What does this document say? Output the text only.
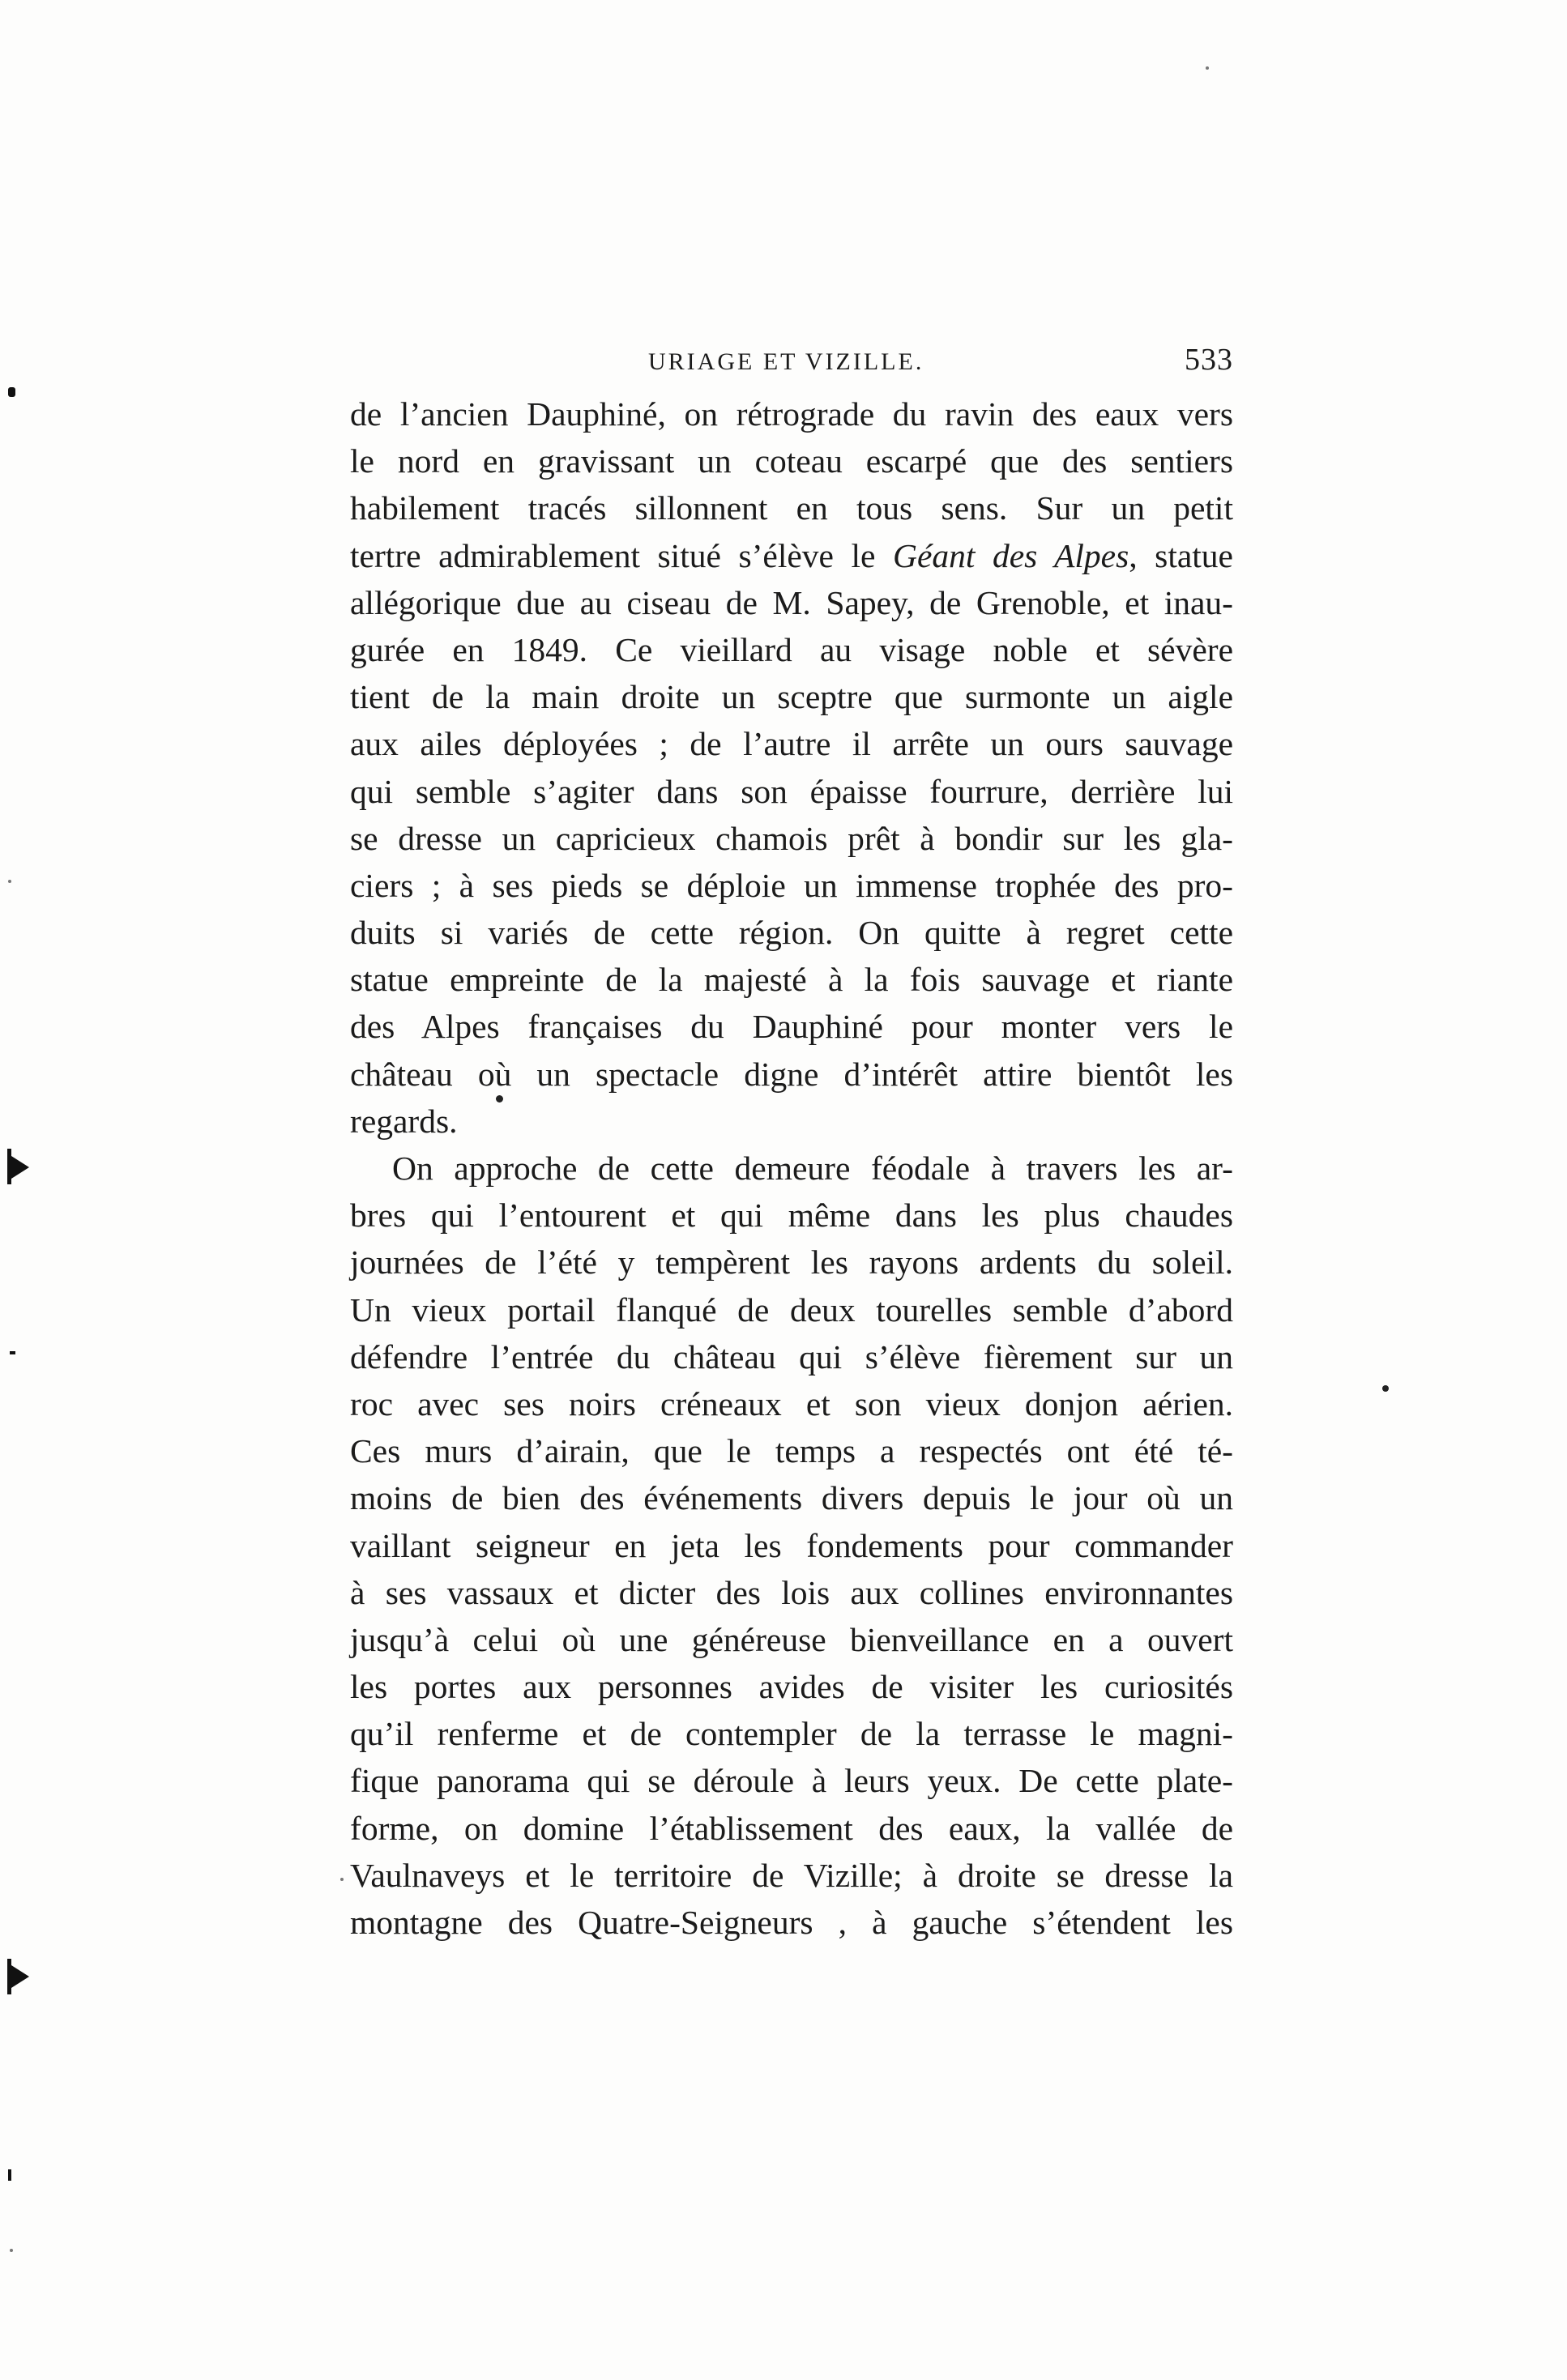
URIAGE ET VIZILLE.	533
de l’ancien Dauphiné, on rétrograde du ravin des eaux vers
le nord en gravissant un coteau escarpé que des sentiers
habilement tracés sillonnent en tous sens. Sur un petit
tertre admirablement situé s’élève le Géant des Alpes, statue
allégorique due au ciseau de M. Sapey, de Grenoble, et inau-
gurée en 1849. Ce vieillard au visage noble et sévère
tient de la main droite un sceptre que surmonte un aigle
aux ailes déployées ; de l’autre il arrête un ours sauvage
qui semble s’agiter dans son épaisse fourrure, derrière lui
se dresse un capricieux chamois prêt à bondir sur les gla-
ciers ; à ses pieds se déploie un immense trophée des pro-
duits si variés de cette région. On quitte à regret cette
statue empreinte de la majesté à la fois sauvage et riante
des Alpes françaises du Dauphiné pour monter vers le
château où un spectacle digne d’intérêt attire bientôt les
regards.
On approche de cette demeure féodale à travers les ar-
bres qui l’entourent et qui même dans les plus chaudes
journées de l’été y tempèrent les rayons ardents du soleil.
Un vieux portail flanqué de deux tourelles semble d’abord
défendre l’entrée du château qui s’élève fièrement sur un
roc avec ses noirs créneaux et son vieux donjon aérien.
Ces murs d’airain, que le temps a respectés ont été té-
moins de bien des événements divers depuis le jour où un
vaillant seigneur en jeta les fondements pour commander
à ses vassaux et dicter des lois aux collines environnantes
jusqu’à celui où une généreuse bienveillance en a ouvert
les portes aux personnes avides de visiter les curiosités
qu’il renferme et de contempler de la terrasse le magni-
fique panorama qui se déroule à leurs yeux. De cette plate-
forme, on domine l’établissement des eaux, la vallée de
Vaulnaveys et le territoire de Vizille; à droite se dresse la
montagne des Quatre-Seigneurs , à gauche s’étendent les
